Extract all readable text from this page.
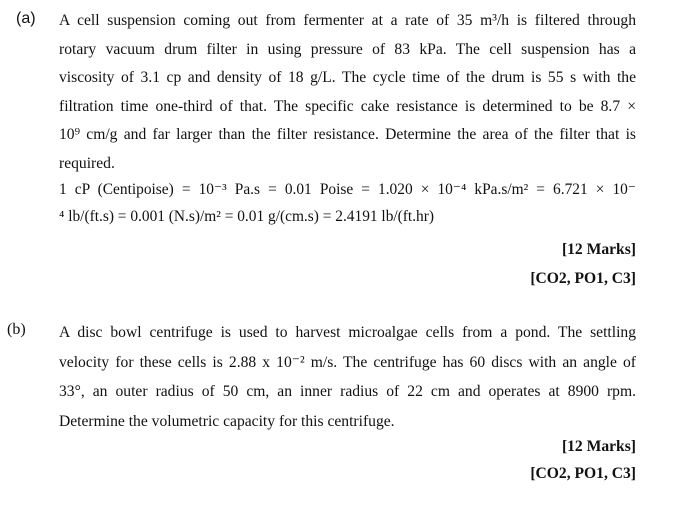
(a) A cell suspension coming out from fermenter at a rate of 35 m³/h is filtered through
rotary vacuum drum filter in using pressure of 83 kPa. The cell suspension has a
viscosity of 3.1 cp and density of 18 g/L. The cycle time of the drum is 55 s with the
filtration time one-third of that. The specific cake resistance is determined to be 8.7 ×
10⁹ cm/g and far larger than the filter resistance. Determine the area of the filter that is
required.
1 cP (Centipoise) = 10⁻³ Pa.s = 0.01 Poise = 1.020 × 10⁻⁴ kPa.s/m² = 6.721 × 10⁻
⁴ lb/(ft.s) = 0.001 (N.s)/m² = 0.01 g/(cm.s) = 2.4191 lb/(ft.hr)
[12 Marks]
[CO2, PO1, C3]
(b) A disc bowl centrifuge is used to harvest microalgae cells from a pond. The settling
velocity for these cells is 2.88 x 10⁻² m/s. The centrifuge has 60 discs with an angle of
33°, an outer radius of 50 cm, an inner radius of 22 cm and operates at 8900 rpm.
Determine the volumetric capacity for this centrifuge.
[12 Marks]
[CO2, PO1, C3]
